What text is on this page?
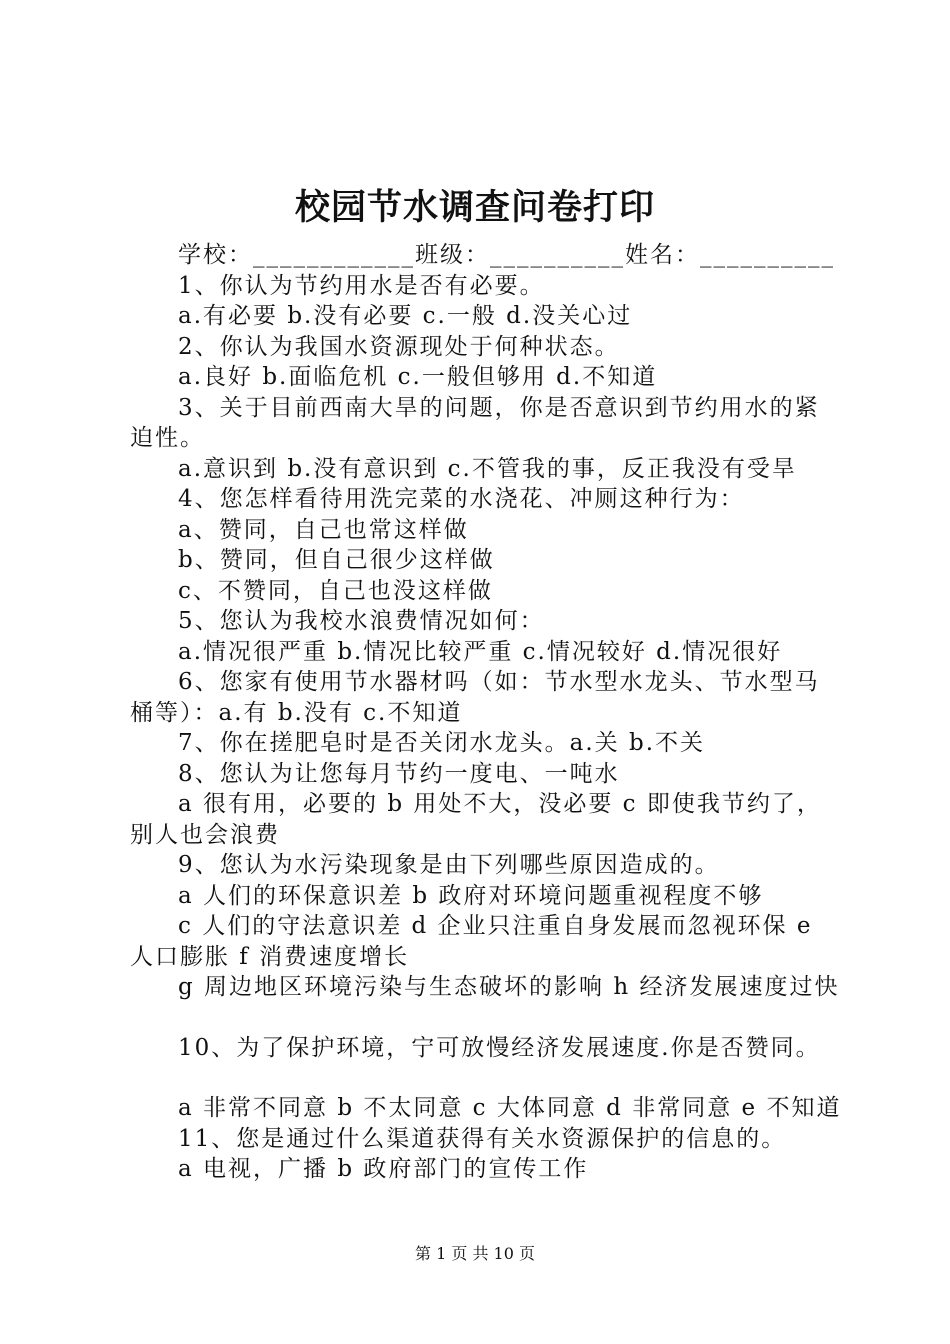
校园节水调查问卷打印
学校：____________班级：__________姓名：__________
1、你认为节约用水是否有必要。
a.有必要 b.没有必要 c.一般 d.没关心过
2、你认为我国水资源现处于何种状态。
a.良好 b.面临危机 c.一般但够用 d.不知道
3、关于目前西南大旱的问题，你是否意识到节约用水的紧迫性。
a.意识到 b.没有意识到 c.不管我的事，反正我没有受旱
4、您怎样看待用洗完菜的水浇花、冲厕这种行为：
a、赞同，自己也常这样做
b、赞同，但自己很少这样做
c、不赞同，自己也没这样做
5、您认为我校水浪费情况如何：
a.情况很严重 b.情况比较严重 c.情况较好 d.情况很好
6、您家有使用节水器材吗（如：节水型水龙头、节水型马桶等）：a.有 b.没有 c.不知道
7、你在搓肥皂时是否关闭水龙头。a.关 b.不关
8、您认为让您每月节约一度电、一吨水
a 很有用，必要的 b 用处不大，没必要 c 即使我节约了，别人也会浪费
9、您认为水污染现象是由下列哪些原因造成的。
a 人们的环保意识差 b 政府对环境问题重视程度不够
c 人们的守法意识差 d 企业只注重自身发展而忽视环保 e 人口膨胀 f 消费速度增长
g 周边地区环境污染与生态破坏的影响 h 经济发展速度过快
10、为了保护环境，宁可放慢经济发展速度.你是否赞同。
a 非常不同意 b 不太同意 c 大体同意 d 非常同意 e 不知道
11、您是通过什么渠道获得有关水资源保护的信息的。
a 电视，广播 b 政府部门的宣传工作
第 1 页 共 10 页
